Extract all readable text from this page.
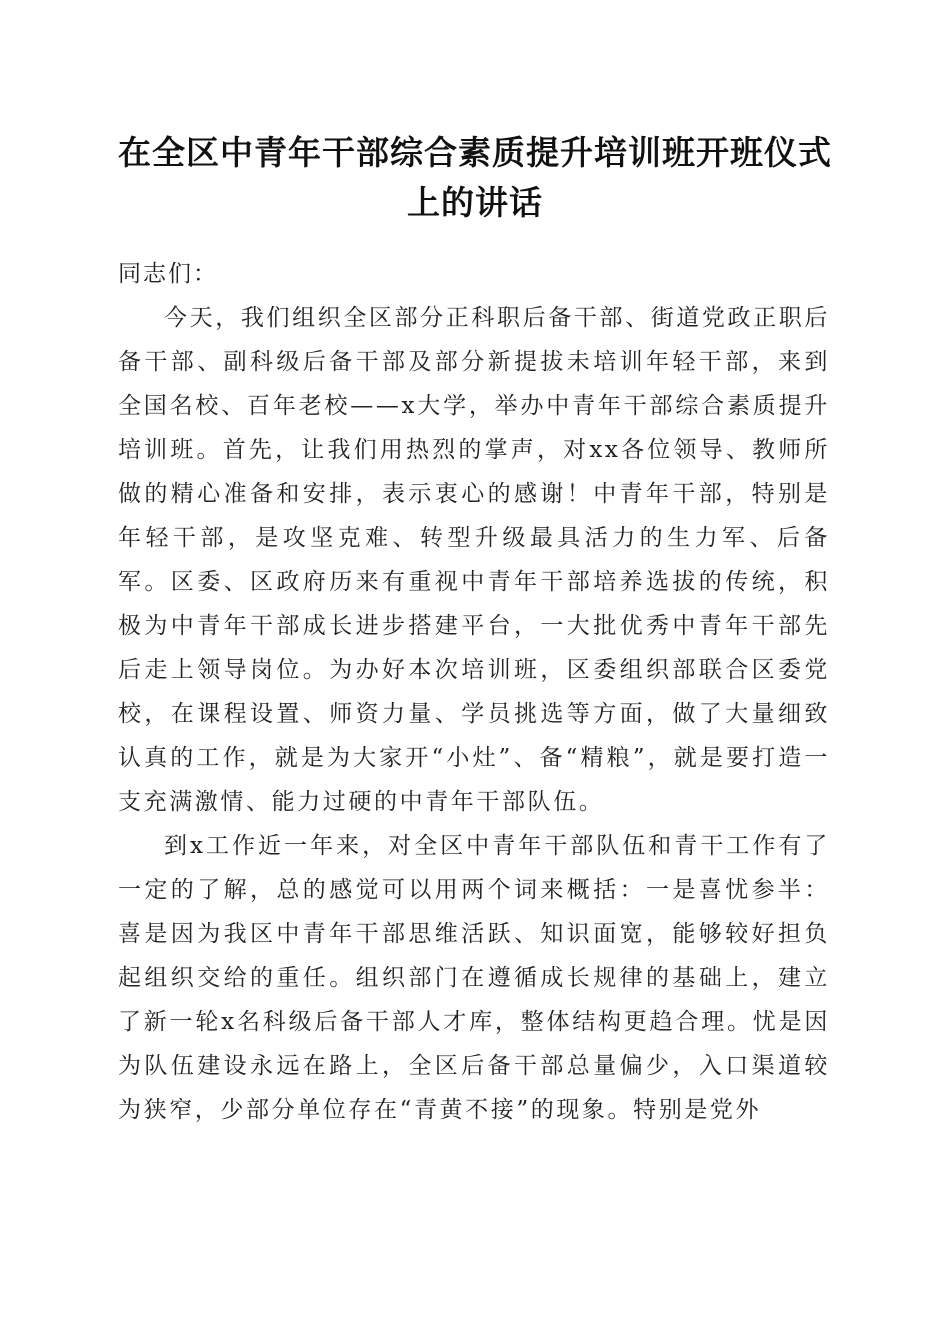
在全区中青年干部综合素质提升培训班开班仪式上的讲话

同志们：

今天，我们组织全区部分正科职后备干部、街道党政正职后备干部、副科级后备干部及部分新提拔未培训年轻干部，来到全国名校、百年老校——x大学，举办中青年干部综合素质提升培训班。首先，让我们用热烈的掌声，对xx各位领导、教师所做的精心准备和安排，表示衷心的感谢！中青年干部，特别是年轻干部，是攻坚克难、转型升级最具活力的生力军、后备军。区委、区政府历来有重视中青年干部培养选拔的传统，积极为中青年干部成长进步搭建平台，一大批优秀中青年干部先后走上领导岗位。为办好本次培训班，区委组织部联合区委党校，在课程设置、师资力量、学员挑选等方面，做了大量细致认真的工作，就是为大家开“小灶”、备“精粮”，就是要打造一支充满激情、能力过硬的中青年干部队伍。

到x工作近一年来，对全区中青年干部队伍和青干工作有了一定的了解，总的感觉可以用两个词来概括：一是喜忧参半：喜是因为我区中青年干部思维活跃、知识面宽，能够较好担负起组织交给的重任。组织部门在遵循成长规律的基础上，建立了新一轮x名科级后备干部人才库，整体结构更趋合理。忧是因为队伍建设永远在路上，全区后备干部总量偏少，入口渠道较为狭窄，少部分单位存在“青黄不接”的现象。特别是党外
